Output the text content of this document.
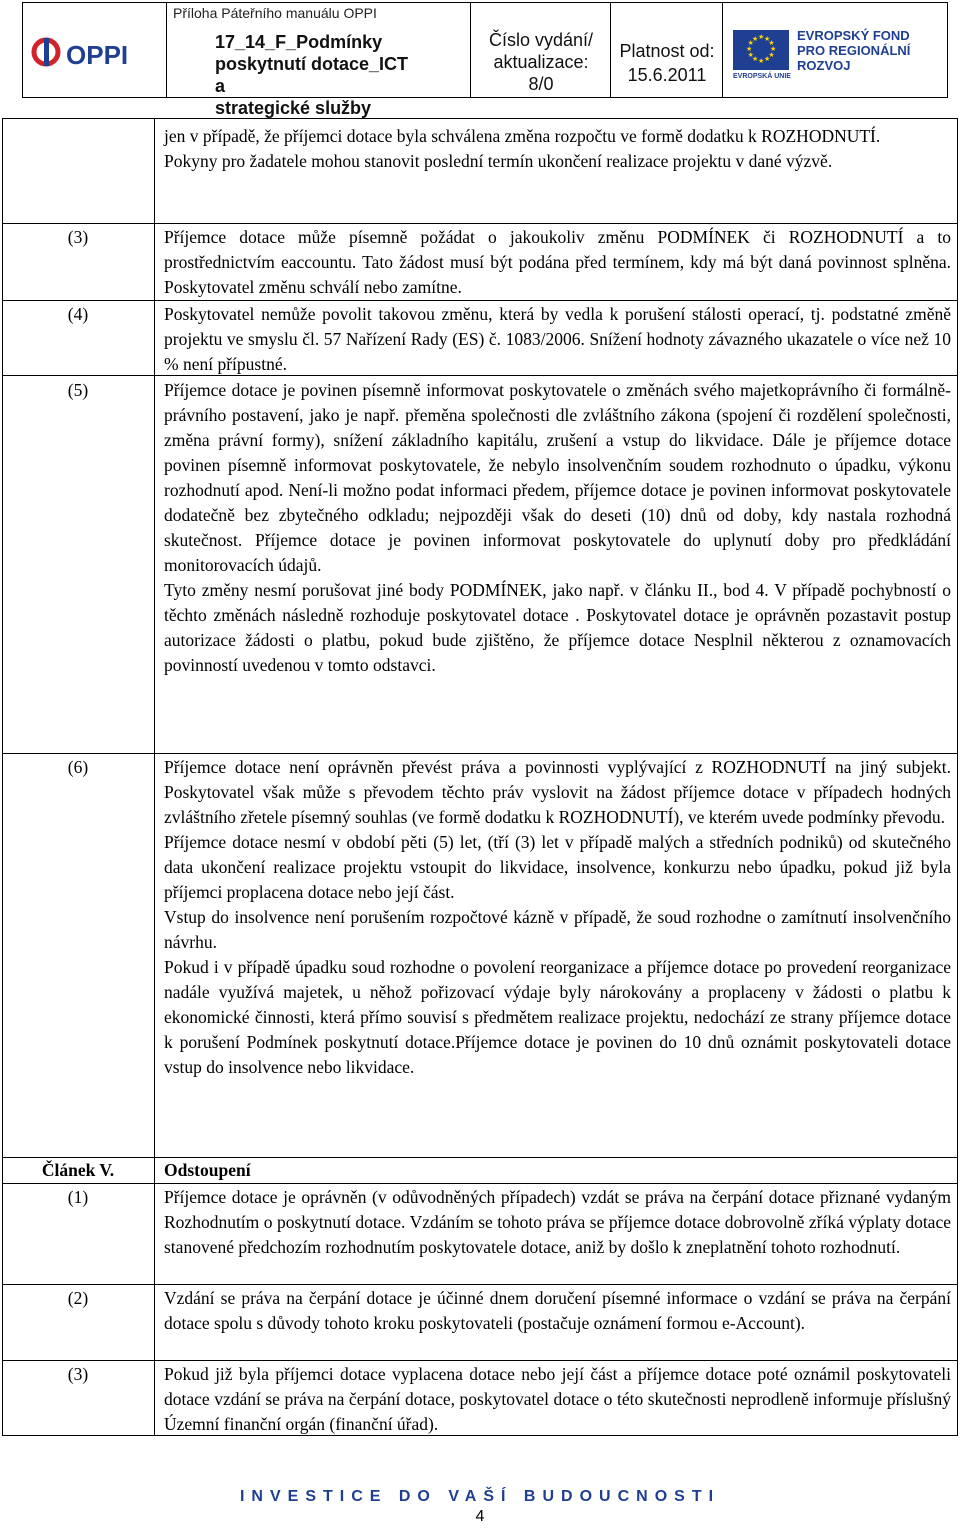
OPPI
Příloha Páteřního manuálu OPPI
17_14_F_Podmínky
poskytnutí dotace_ICT a
strategické služby
Číslo vydání/
aktualizace:
8/0
Platnost od:
15.6.2011	EVROPSKÁ UNIE
★
★
★
★
★
★
★
★
★ ★ ★
★
EVROPSKÝ FOND
PRO REGIONÁLNÍ
ROZVOJ

jen v případě, že příjemci dotace byla schválena změna rozpočtu ve formě dodatku k ROZHODNUTÍ.

Pokyny pro žadatele mohou stanovit poslední termín ukončení realizace projektu v dané výzvě.

(3)	Příjemce dotace může písemně požádat o jakoukoliv změnu PODMÍNEK či ROZHODNUTÍ a to prostřednictvím eaccountu. Tato žádost musí být podána před termínem, kdy má být daná povinnost splněna. Poskytovatel změnu schválí nebo zamítne.

(4)	Poskytovatel nemůže povolit takovou změnu, která by vedla k porušení stálosti operací, tj. podstatné změně projektu ve smyslu čl. 57 Nařízení Rady (ES) č. 1083/2006. Snížení hodnoty závazného ukazatele o více než 10 % není přípustné.

(5)	Příjemce dotace je povinen písemně informovat poskytovatele o změnách svého majetkoprávního či formálně-právního postavení, jako je např. přeměna společnosti dle zvláštního zákona (spojení či rozdělení společnosti, změna právní formy), snížení základního kapitálu, zrušení a vstup do likvidace. Dále je příjemce dotace povinen písemně informovat poskytovatele, že nebylo insolvenčním soudem rozhodnuto o úpadku, výkonu rozhodnutí apod. Není-li možno podat informaci předem, příjemce dotace je povinen informovat poskytovatele dodatečně bez zbytečného odkladu; nejpozději však do deseti (10) dnů od doby, kdy nastala rozhodná skutečnost. Příjemce dotace je povinen informovat poskytovatele do uplynutí doby pro předkládání monitorovacích údajů.

Tyto změny nesmí porušovat jiné body PODMÍNEK, jako např. v článku II., bod 4. V případě pochybností o těchto změnách následně rozhoduje poskytovatel dotace . Poskytovatel dotace je oprávněn pozastavit postup autorizace žádosti o platbu, pokud bude zjištěno, že příjemce dotace Nesplnil některou z oznamovacích povinností uvedenou v tomto odstavci.

(6)	Příjemce dotace není oprávněn převést práva a povinnosti vyplývající z ROZHODNUTÍ na jiný subjekt. Poskytovatel však může s převodem těchto práv vyslovit na žádost příjemce dotace v případech hodných zvláštního zřetele písemný souhlas (ve formě dodatku k ROZHODNUTÍ), ve kterém uvede podmínky převodu.

Příjemce dotace nesmí v období pěti (5) let, (tří (3) let v případě malých a středních podniků) od skutečného data ukončení realizace projektu vstoupit do likvidace, insolvence, konkurzu nebo úpadku, pokud již byla příjemci proplacena dotace nebo její část.

Vstup do insolvence není porušením rozpočtové kázně v případě, že soud rozhodne o zamítnutí insolvenčního návrhu.

Pokud i v případě úpadku soud rozhodne o povolení reorganizace a příjemce dotace po provedení reorganizace nadále využívá majetek, u něhož pořizovací výdaje byly nárokovány a proplaceny v žádosti o platbu k ekonomické činnosti, která přímo souvisí s předmětem realizace projektu, nedochází ze strany příjemce dotace k porušení Podmínek poskytnutí dotace.Příjemce dotace je povinen do 10 dnů oznámit poskytovateli dotace vstup do insolvence nebo likvidace.

Článek V.	Odstoupení
(1)	Příjemce dotace je oprávněn (v odůvodněných případech) vzdát se práva na čerpání dotace přiznané vydaným Rozhodnutím o poskytnutí dotace. Vzdáním se tohoto práva se příjemce dotace dobrovolně zříká výplaty dotace stanovené předchozím rozhodnutím poskytovatele dotace, aniž by došlo k zneplatnění tohoto rozhodnutí.

(2)	Vzdání se práva na čerpání dotace je účinné dnem doručení písemné informace o vzdání se práva na čerpání dotace spolu s důvody tohoto kroku poskytovateli (postačuje oznámení formou e-Account).

(3)	Pokud již byla příjemci dotace vyplacena dotace nebo její část a příjemce dotace poté oznámil poskytovateli dotace vzdání se práva na čerpání dotace, poskytovatel dotace o této skutečnosti neprodleně informuje příslušný Územní finanční orgán (finanční úřad).

INVESTICE DO VAŠÍ BUDOUCNOSTI
4
